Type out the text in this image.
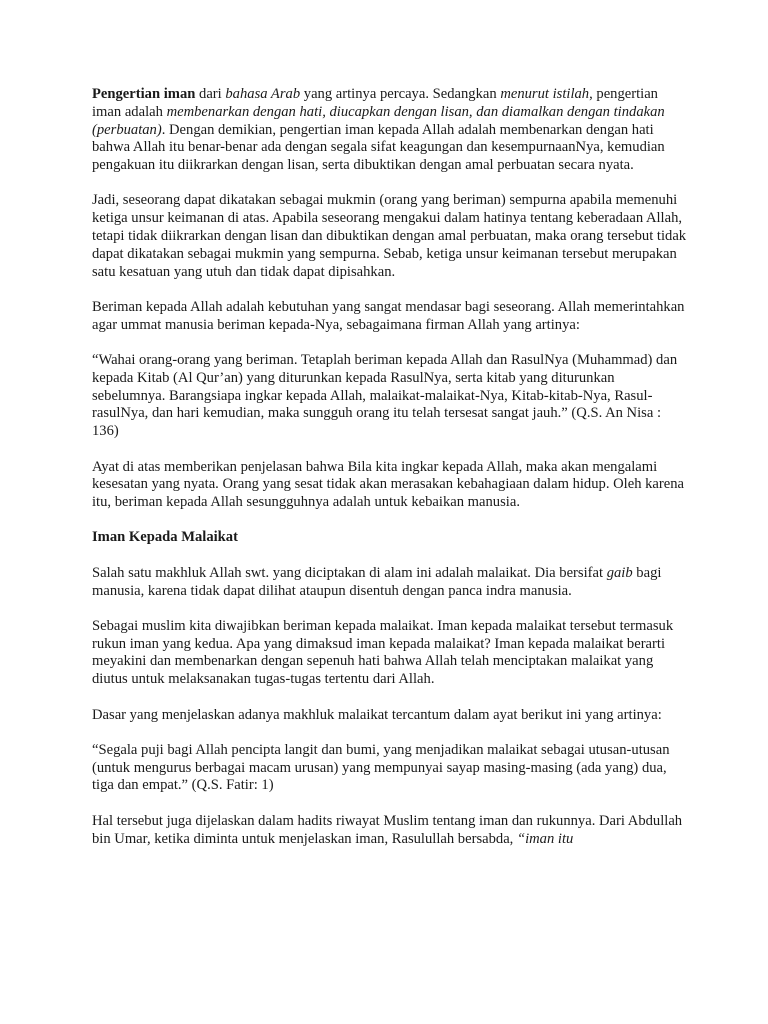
Pengertian iman dari bahasa Arab yang artinya percaya. Sedangkan menurut istilah, pengertian iman adalah membenarkan dengan hati, diucapkan dengan lisan, dan diamalkan dengan tindakan (perbuatan). Dengan demikian, pengertian iman kepada Allah adalah membenarkan dengan hati bahwa Allah itu benar-benar ada dengan segala sifat keagungan dan kesempurnaanNya, kemudian pengakuan itu diikrarkan dengan lisan, serta dibuktikan dengan amal perbuatan secara nyata.

Jadi, seseorang dapat dikatakan sebagai mukmin (orang yang beriman) sempurna apabila memenuhi ketiga unsur keimanan di atas. Apabila seseorang mengakui dalam hatinya tentang keberadaan Allah, tetapi tidak diikrarkan dengan lisan dan dibuktikan dengan amal perbuatan, maka orang tersebut tidak dapat dikatakan sebagai mukmin yang sempurna. Sebab, ketiga unsur keimanan tersebut merupakan satu kesatuan yang utuh dan tidak dapat dipisahkan.

Beriman kepada Allah adalah kebutuhan yang sangat mendasar bagi seseorang. Allah memerintahkan agar ummat manusia beriman kepada-Nya, sebagaimana firman Allah yang artinya:

“Wahai orang-orang yang beriman. Tetaplah beriman kepada Allah dan RasulNya (Muhammad) dan kepada Kitab (Al Qur’an) yang diturunkan kepada RasulNya, serta kitab yang diturunkan sebelumnya. Barangsiapa ingkar kepada Allah, malaikat-malaikat-Nya, Kitab-kitab-Nya, Rasul-rasulNya, dan hari kemudian, maka sungguh orang itu telah tersesat sangat jauh.” (Q.S. An Nisa : 136)

Ayat di atas memberikan penjelasan bahwa Bila kita ingkar kepada Allah, maka akan mengalami kesesatan yang nyata. Orang yang sesat tidak akan merasakan kebahagiaan dalam hidup. Oleh karena itu, beriman kepada Allah sesungguhnya adalah untuk kebaikan manusia.

Iman Kepada Malaikat

Salah satu makhluk Allah swt. yang diciptakan di alam ini adalah malaikat. Dia bersifat gaib bagi manusia, karena tidak dapat dilihat ataupun disentuh dengan panca indra manusia.

Sebagai muslim kita diwajibkan beriman kepada malaikat. Iman kepada malaikat tersebut termasuk rukun iman yang kedua. Apa yang dimaksud iman kepada malaikat? Iman kepada malaikat berarti meyakini dan membenarkan dengan sepenuh hati bahwa Allah telah menciptakan malaikat yang diutus untuk melaksanakan tugas-tugas tertentu dari Allah.

Dasar yang menjelaskan adanya makhluk malaikat tercantum dalam ayat berikut ini yang artinya:

“Segala puji bagi Allah pencipta langit dan bumi, yang menjadikan malaikat sebagai utusan-utusan (untuk mengurus berbagai macam urusan) yang mempunyai sayap masing-masing (ada yang) dua, tiga dan empat.” (Q.S. Fatir: 1)

Hal tersebut juga dijelaskan dalam hadits riwayat Muslim tentang iman dan rukunnya. Dari Abdullah bin Umar, ketika diminta untuk menjelaskan iman, Rasulullah bersabda, “iman itu
